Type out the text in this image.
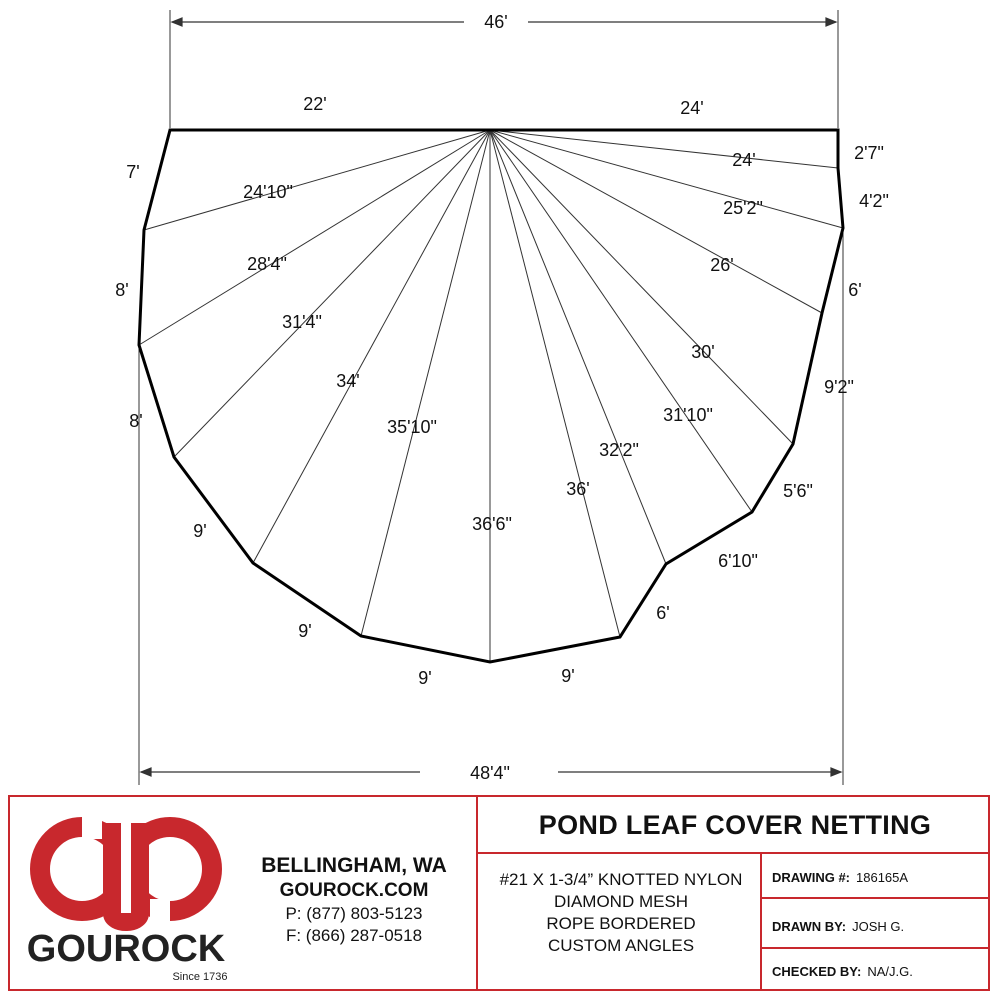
46'
48'4"
22'	24'
7'
8'
8'
9'
9'
9'	9'
6'
6'10"
5'6"
9'2"
6'
4'2"
2'7"
24'10"
28'4"
31'4"
34'
35'10"
36'6"
36'
32'2"
31'10"
30'
26'
25'2"
24'
GOUROCK
Since 1736
BELLINGHAM, WA
GOUROCK.COM
P: (877) 803-5123
F: (866) 287-0518
POND LEAF COVER NETTING
#21 X 1-3/4” KNOTTED NYLON
DIAMOND MESH
ROPE BORDERED
CUSTOM ANGLES
DRAWING #: 186165A
DRAWN BY: JOSH G.
CHECKED BY: NA/J.G.
